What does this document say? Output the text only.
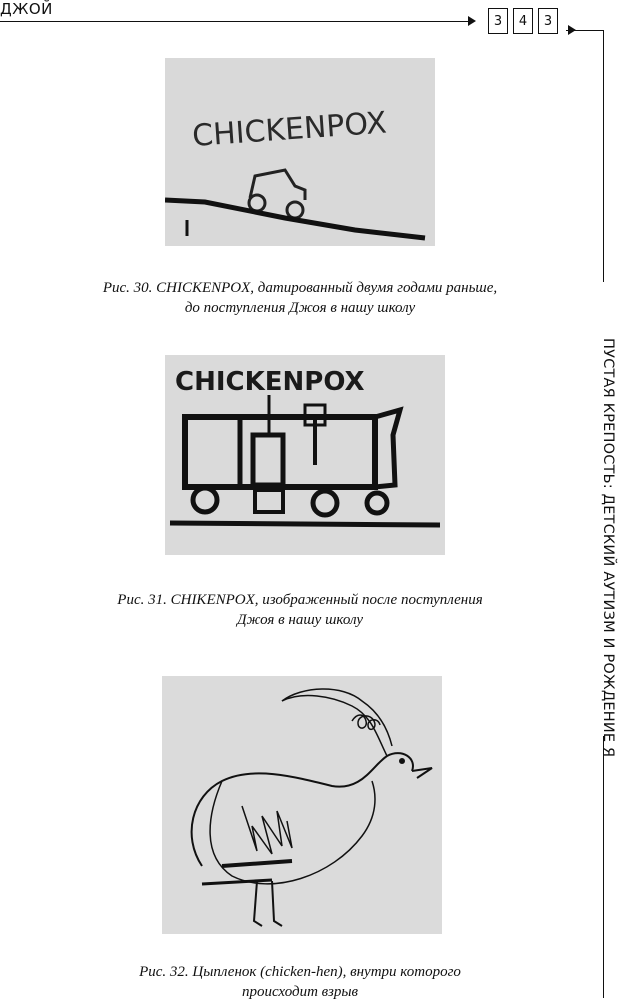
ДЖОЙ
3	4	3
ПУСТАЯ КРЕПОСТЬ: ДЕТСКИЙ АУТИЗМ И РОЖДЕНИЕ Я
CHICKENPOX
Рис. 30. CHICKENPOX, датированный двумя годами раньше,
до поступления Джоя в нашу школу
CHICKENPOX
Рис. 31. CHIKENPOX, изображенный после поступления
Джоя в нашу школу
Рис. 32. Цыпленок (chicken-hen), внутри которого
происходит взрыв
